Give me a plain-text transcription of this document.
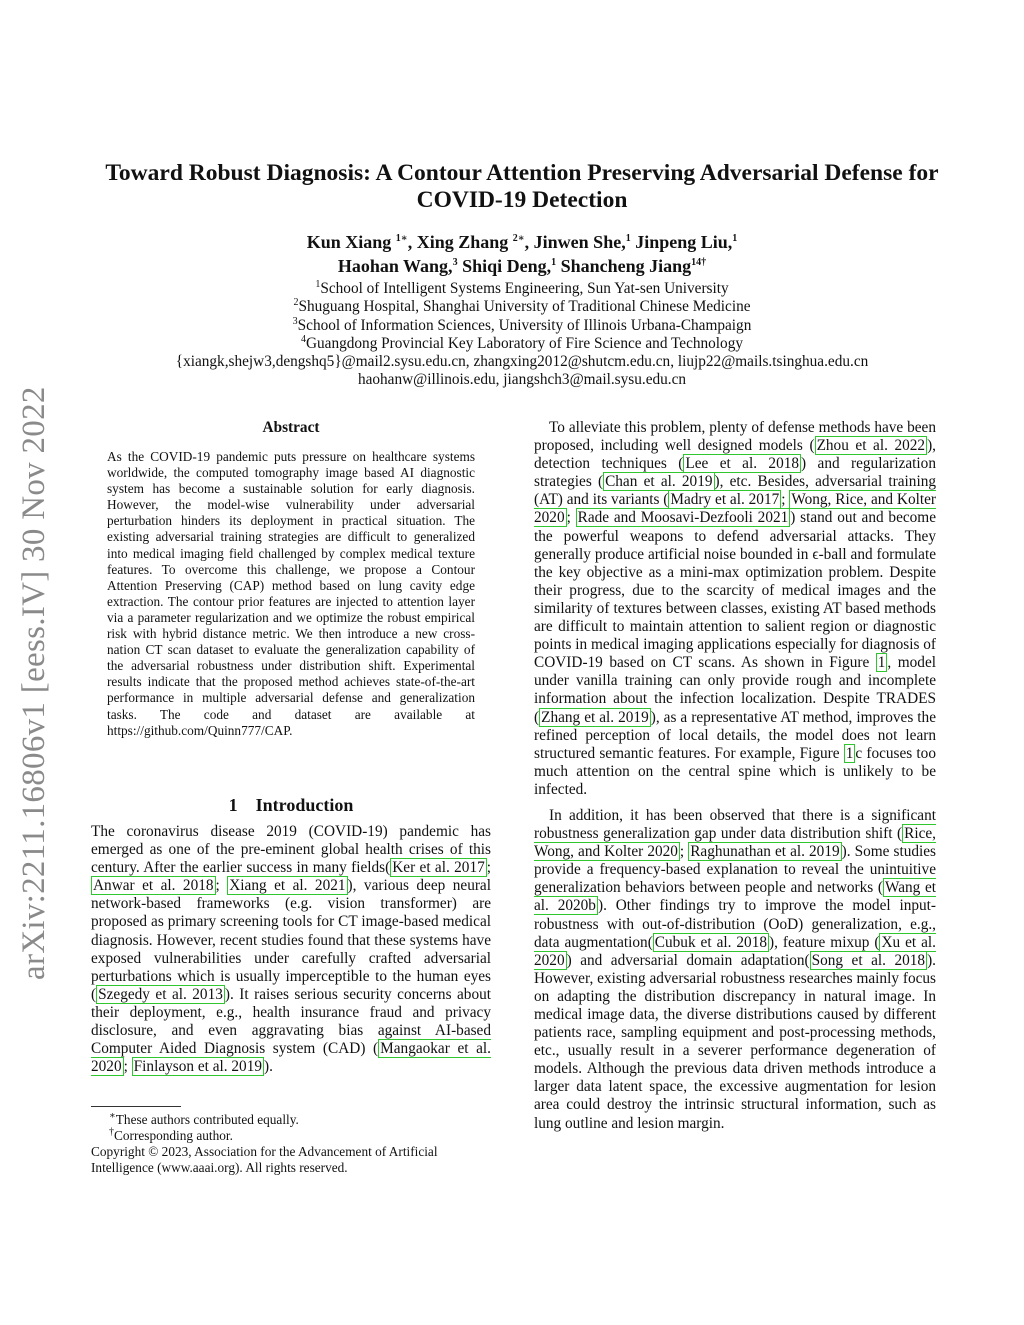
arXiv:2211.16806v1 [eess.IV] 30 Nov 2022
Toward Robust Diagnosis: A Contour Attention Preserving Adversarial Defense for COVID-19 Detection
Kun Xiang $^{1∗}$, Xing Zhang $^{2∗}$, Jinwen She,$^1$ Jinpeng Liu,$^1$
Haohan Wang,$^3$ Shiqi Deng,$^1$ Shancheng Jiang$^{14\dagger}$
$^1$School of Intelligent Systems Engineering, Sun Yat-sen University
$^2$Shuguang Hospital, Shanghai University of Traditional Chinese Medicine
$^3$School of Information Sciences, University of Illinois Urbana-Champaign
$^4$Guangdong Provincial Key Laboratory of Fire Science and Technology
{xiangk,shejw3,dengshq5}@mail2.sysu.edu.cn, zhangxing2012@shutcm.edu.cn, liujp22@mails.tsinghua.edu.cn
haohanw@illinois.edu, jiangshch3@mail.sysu.edu.cn
Abstract
As the COVID-19 pandemic puts pressure on healthcare systems worldwide, the computed tomography image based AI diagnostic system has become a sustainable solution for early diagnosis. However, the model-wise vulnerability under adversarial perturbation hinders its deployment in practical situation. The existing adversarial training strategies are difficult to generalized into medical imaging field challenged by complex medical texture features. To overcome this challenge, we propose a Contour Attention Preserving (CAP) method based on lung cavity edge extraction. The contour prior features are injected to attention layer via a parameter regularization and we optimize the robust empirical risk with hybrid distance metric. We then introduce a new cross-nation CT scan dataset to evaluate the generalization capability of the adversarial robustness under distribution shift. Experimental results indicate that the proposed method achieves state-of-the-art performance in multiple adversarial defense and generalization tasks. The code and dataset are available at https://github.com/Quinn777/CAP.
1 Introduction
The coronavirus disease 2019 (COVID-19) pandemic has emerged as one of the pre-eminent global health crises of this century. After the earlier success in many fields( Ker et al. 2017 ; Anwar et al. 2018 ; Xiang et al. 2021 ), various deep neural network-based frameworks (e.g. vision transformer) are proposed as primary screening tools for CT image-based medical diagnosis. However, recent studies found that these systems have exposed vulnerabilities under carefully crafted adversarial perturbations which is usually imperceptible to the human eyes ( Szegedy et al. 2013 ). It raises serious security concerns about their deployment, e.g., health insurance fraud and privacy disclosure, and even aggravating bias against AI-based Computer Aided Diagnosis system (CAD) ( Mangaokar et al. 2020 ; Finlayson et al. 2019 ).
∗These authors contributed equally.
†Corresponding author.
Copyright © 2023, Association for the Advancement of Artificial Intelligence (www.aaai.org). All rights reserved.

To alleviate this problem, plenty of defense methods have been proposed, including well designed models ( Zhou et al. 2022 ), detection techniques ( Lee et al. 2018 ) and regularization strategies ( Chan et al. 2019 ), etc. Besides, adversarial training (AT) and its variants ( Madry et al. 2017 ; Wong, Rice, and Kolter 2020 ; Rade and Moosavi-Dezfooli 2021 ) stand out and become the powerful weapons to defend adversarial attacks. They generally produce artificial noise bounded in ϵ-ball and formulate the key objective as a mini-max optimization problem. Despite their progress, due to the scarcity of medical images and the similarity of textures between classes, existing AT based methods are difficult to maintain attention to salient region or diagnostic points in medical imaging applications especially for diagnosis of COVID-19 based on CT scans. As shown in Figure 1 , model under vanilla training can only provide rough and incomplete information about the infection localization. Despite TRADES ( Zhang et al. 2019 ), as a representative AT method, improves the refined perception of local details, the model does not learn structured semantic features. For example, Figure 1 c focuses too much attention on the central spine which is unlikely to be infected.

In addition, it has been observed that there is a significant robustness generalization gap under data distribution shift ( Rice, Wong, and Kolter 2020 ; Raghunathan et al. 2019 ). Some studies provide a frequency-based explanation to reveal the unintuitive generalization behaviors between people and networks ( Wang et al. 2020b ). Other findings try to improve the model input-robustness with out-of-distribution (OoD) generalization, e.g., data augmentation( Cubuk et al. 2018 ), feature mixup ( Xu et al. 2020 ) and adversarial domain adaptation( Song et al. 2018 ). However, existing adversarial robustness researches mainly focus on adapting the distribution discrepancy in natural image. In medical image data, the diverse distributions caused by different patients race, sampling equipment and post-processing methods, etc., usually result in a severer performance degeneration of models. Although the previous data driven methods introduce a larger data latent space, the excessive augmentation for lesion area could destroy the intrinsic structural information, such as lung outline and lesion margin.
